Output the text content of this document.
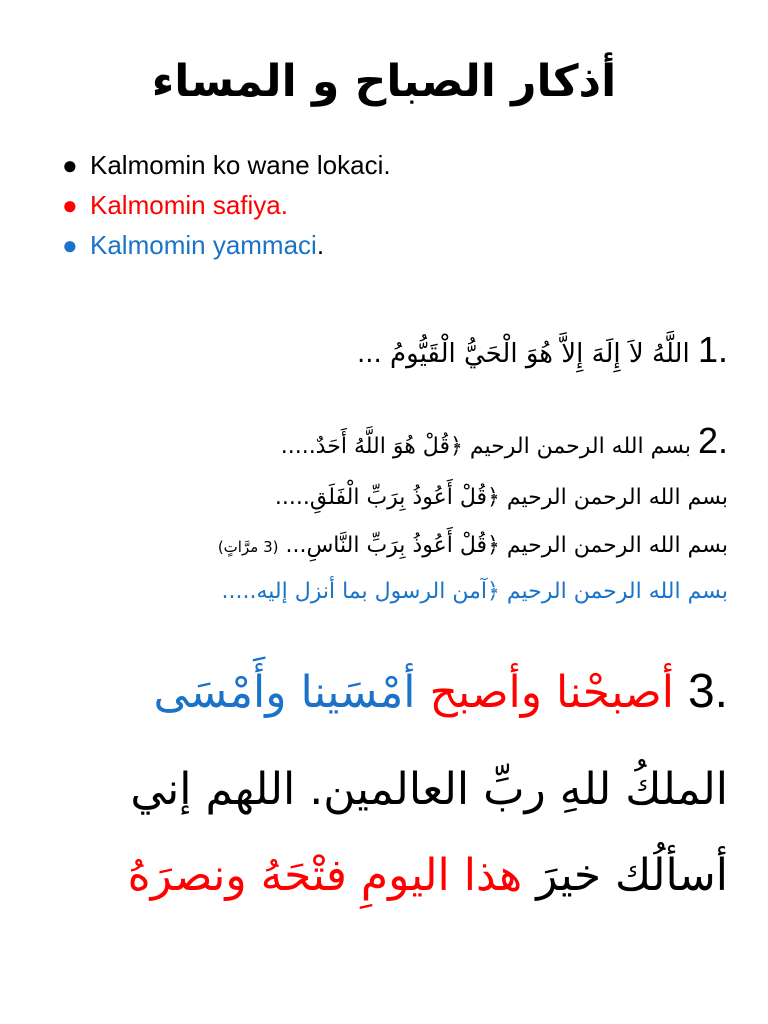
أذكار الصباح و المساء
● Kalmomin ko wane lokaci.
● Kalmomin safiya.
● Kalmomin yammaci.
1. اللَّهُ لاَ إِلَهَ إِلاَّ هُوَ الْحَيُّ الْقَيُّومُ ...
2. بسم الله الرحمن الرحيم ﴿قُلْ هُوَ اللَّهُ أَحَدٌ.....
بسم الله الرحمن الرحيم ﴿قُلْ أَعُوذُ بِرَبِّ الْفَلَقِ.....
بسم الله الرحمن الرحيم ﴿قُلْ أَعُوذُ بِرَبِّ النَّاسِ... (3 مرَّاتٍ)
بسم الله الرحمن الرحيم ﴿آمن الرسول بما أنزل إليه.....
3. أصبحْنا وأصبح أمْسَينا وأَمْسَى
الملكُ للهِ ربِّ العالمين. اللهم إني
أسألُك خيرَ هذا اليومِ فتْحَهُ ونصرَهُ
